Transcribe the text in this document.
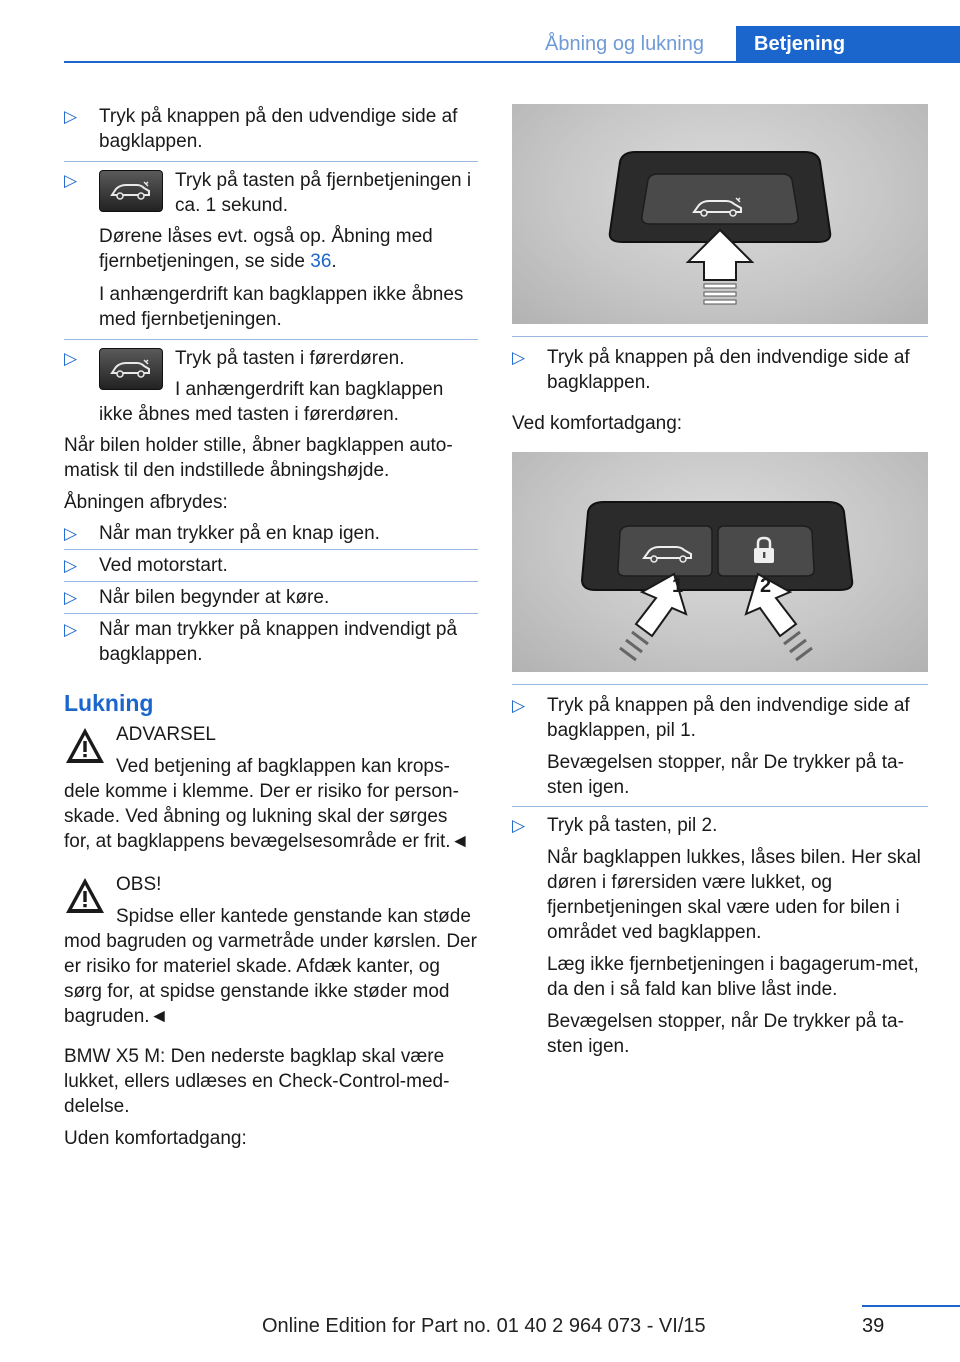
Åbning og lukning	Betjening
▷ Tryk på knappen på den udvendige side af bagklappen.
▷	Tryk på tasten på fjernbetjeningen i ca. 1 sekund.

Dørene låses evt. også op. Åbning med fjernbetjeningen, se side 36.

I anhængerdrift kan bagklappen ikke åbnes med fjernbetjeningen.

▷	Tryk på tasten i førerdøren.

I anhængerdrift kan bagklappen ikke åbnes med tasten i førerdøren.

Når bilen holder stille, åbner bagklappen auto‐matisk til den indstillede åbningshøjde.

Åbningen afbrydes:

▷ Når man trykker på en knap igen.
▷ Ved motorstart.
▷ Når bilen begynder at køre.
▷ Når man trykker på knappen indvendigt på bagklappen.
Lukning

ADVARSEL

Ved betjening af bagklappen kan krops‐dele komme i klemme. Der er risiko for person‐skade. Ved åbning og lukning skal der sørges for, at bagklappens bevægelsesområde er frit.◄

OBS!

Spidse eller kantede genstande kan støde mod bagruden og varmetråde under kørslen. Der er risiko for materiel skade. Afdæk kanter, og sørg for, at spidse genstande ikke støder mod bagruden.◄

BMW X5 M: Den nederste bagklap skal være lukket, ellers udlæses en Check-Control-med‐delelse.

Uden komfortadgang:

▷ Tryk på knappen på den indvendige side af bagklappen.

Ved komfortadgang:

1	2
▷ Tryk på knappen på den indvendige side af bagklappen, pil 1.

Bevægelsen stopper, når De trykker på ta‐sten igen.

▷ Tryk på tasten, pil 2.

Når bagklappen lukkes, låses bilen. Her skal døren i førersiden være lukket, og fjernbetjeningen skal være uden for bilen i området ved bagklappen.

Læg ikke fjernbetjeningen i bagagerum‐met, da den i så fald kan blive låst inde.

Bevægelsen stopper, når De trykker på ta‐sten igen.

39
Online Edition for Part no. 01 40 2 964 073 - VI/15
